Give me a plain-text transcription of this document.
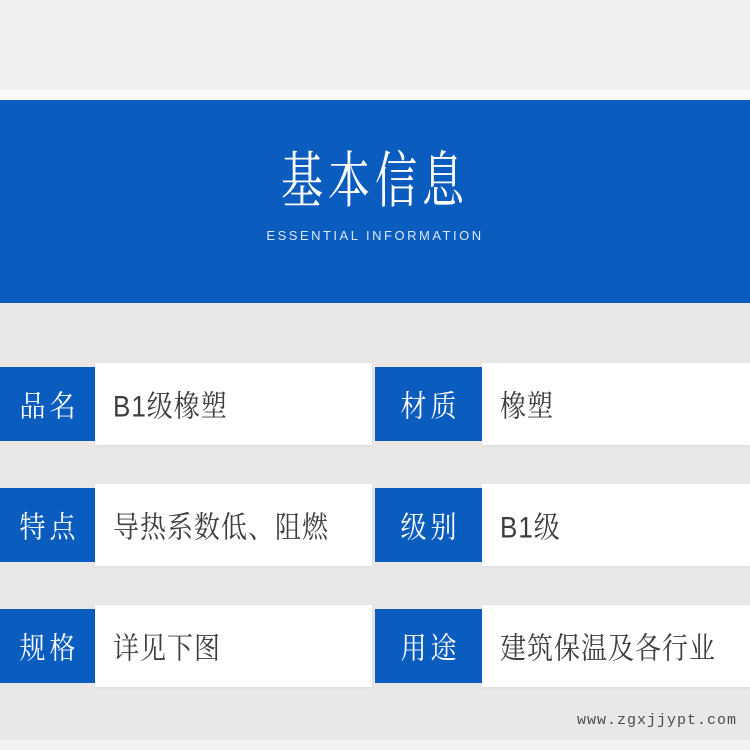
基本信息
ESSENTIAL INFORMATION
品名 B1级橡塑	材质 橡塑
特点 导热系数低、阻燃	级别 B1级
规格 详见下图	用途 建筑保温及各行业
www.zgxjjypt.com
